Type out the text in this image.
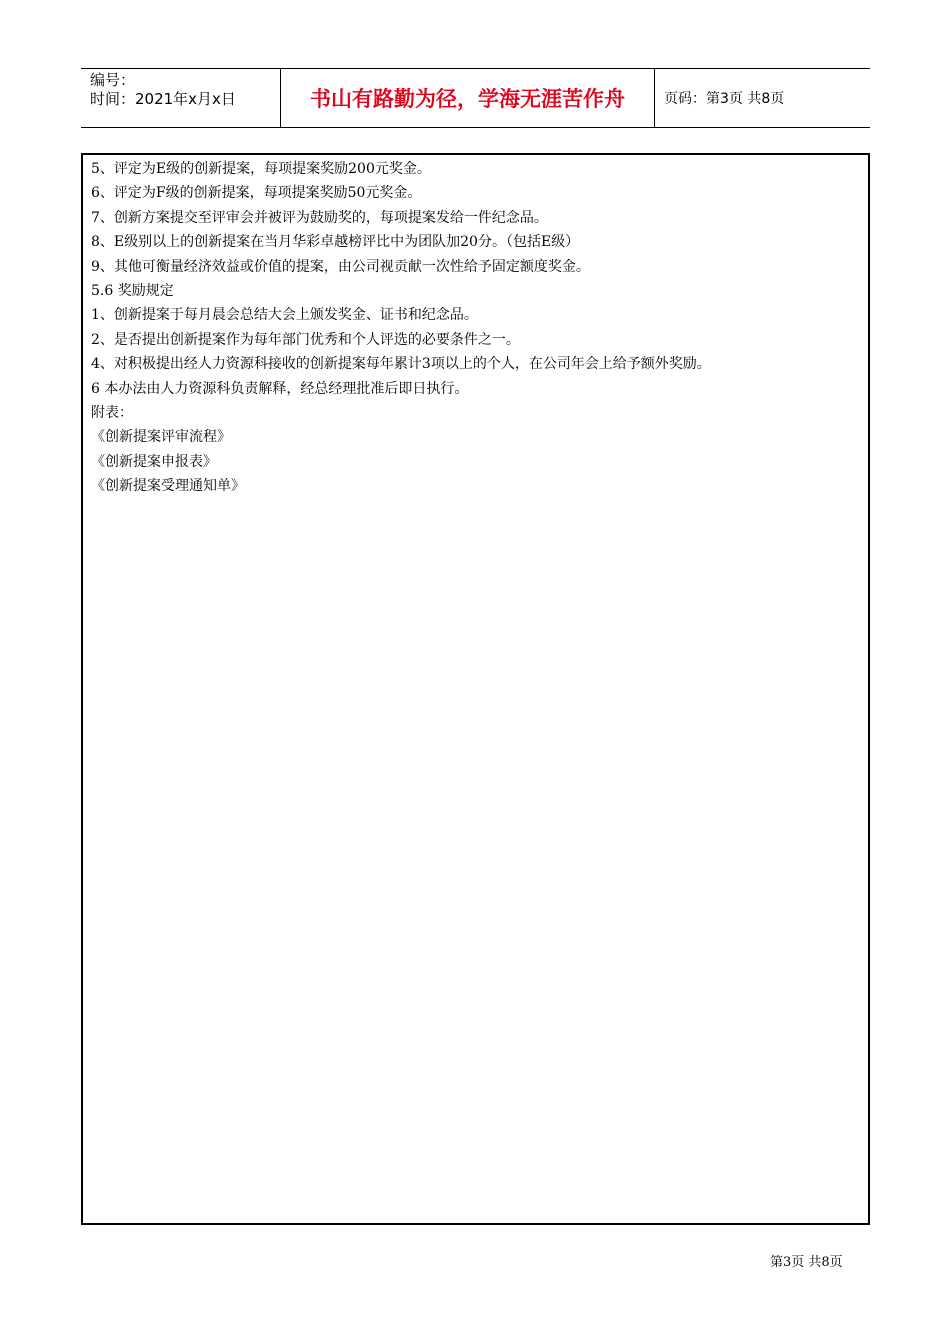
编号：
时间：2021年x月x日	书山有路勤为径，学海无涯苦作舟	页码：第3页 共8页
5、评定为E级的创新提案，每项提案奖励200元奖金。
6、评定为F级的创新提案，每项提案奖励50元奖金。
7、创新方案提交至评审会并被评为鼓励奖的，每项提案发给一件纪念品。
8、E级别以上的创新提案在当月华彩卓越榜评比中为团队加20分。（包括E级）
9、其他可衡量经济效益或价值的提案，由公司视贡献一次性给予固定额度奖金。
5.6 奖励规定
1、创新提案于每月晨会总结大会上颁发奖金、证书和纪念品。
2、是否提出创新提案作为每年部门优秀和个人评选的必要条件之一。
4、对积极提出经人力资源科接收的创新提案每年累计3项以上的个人，在公司年会上给予额外奖励。
6 本办法由人力资源科负责解释，经总经理批准后即日执行。
附表：
《创新提案评审流程》
《创新提案申报表》
《创新提案受理通知单》
第3页 共8页
